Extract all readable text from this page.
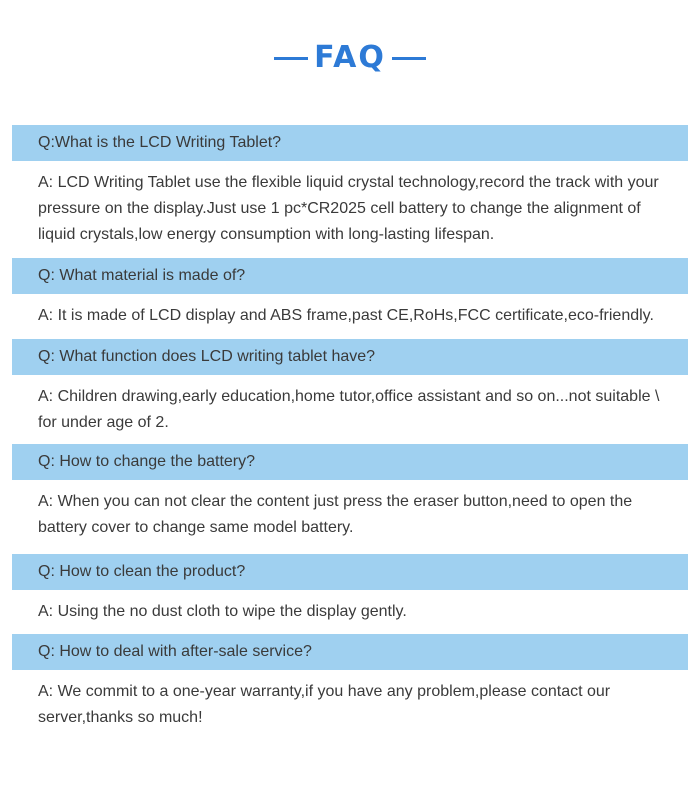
FAQ
Q:What is the LCD Writing Tablet?
A: LCD Writing Tablet use the flexible liquid crystal technology,record the track with your
pressure on the display.Just use 1 pc*CR2025 cell battery to change the alignment of
liquid crystals,low energy consumption with long-lasting lifespan.
Q: What material is made of?
A: It is made of LCD display and ABS frame,past CE,RoHs,FCC certificate,eco-friendly.
Q: What function does LCD writing tablet have?
A: Children drawing,early education,home tutor,office assistant and so on...not suitable \
for under age of 2.
Q: How to change the battery?
A: When you can not clear the content just press the eraser button,need to open the
battery cover to change same model battery.
Q: How to clean the product?
A: Using the no dust cloth to wipe the display gently.
Q: How to deal with after-sale service?
A: We commit to a one-year warranty,if you have any problem,please contact our
server,thanks so much!
